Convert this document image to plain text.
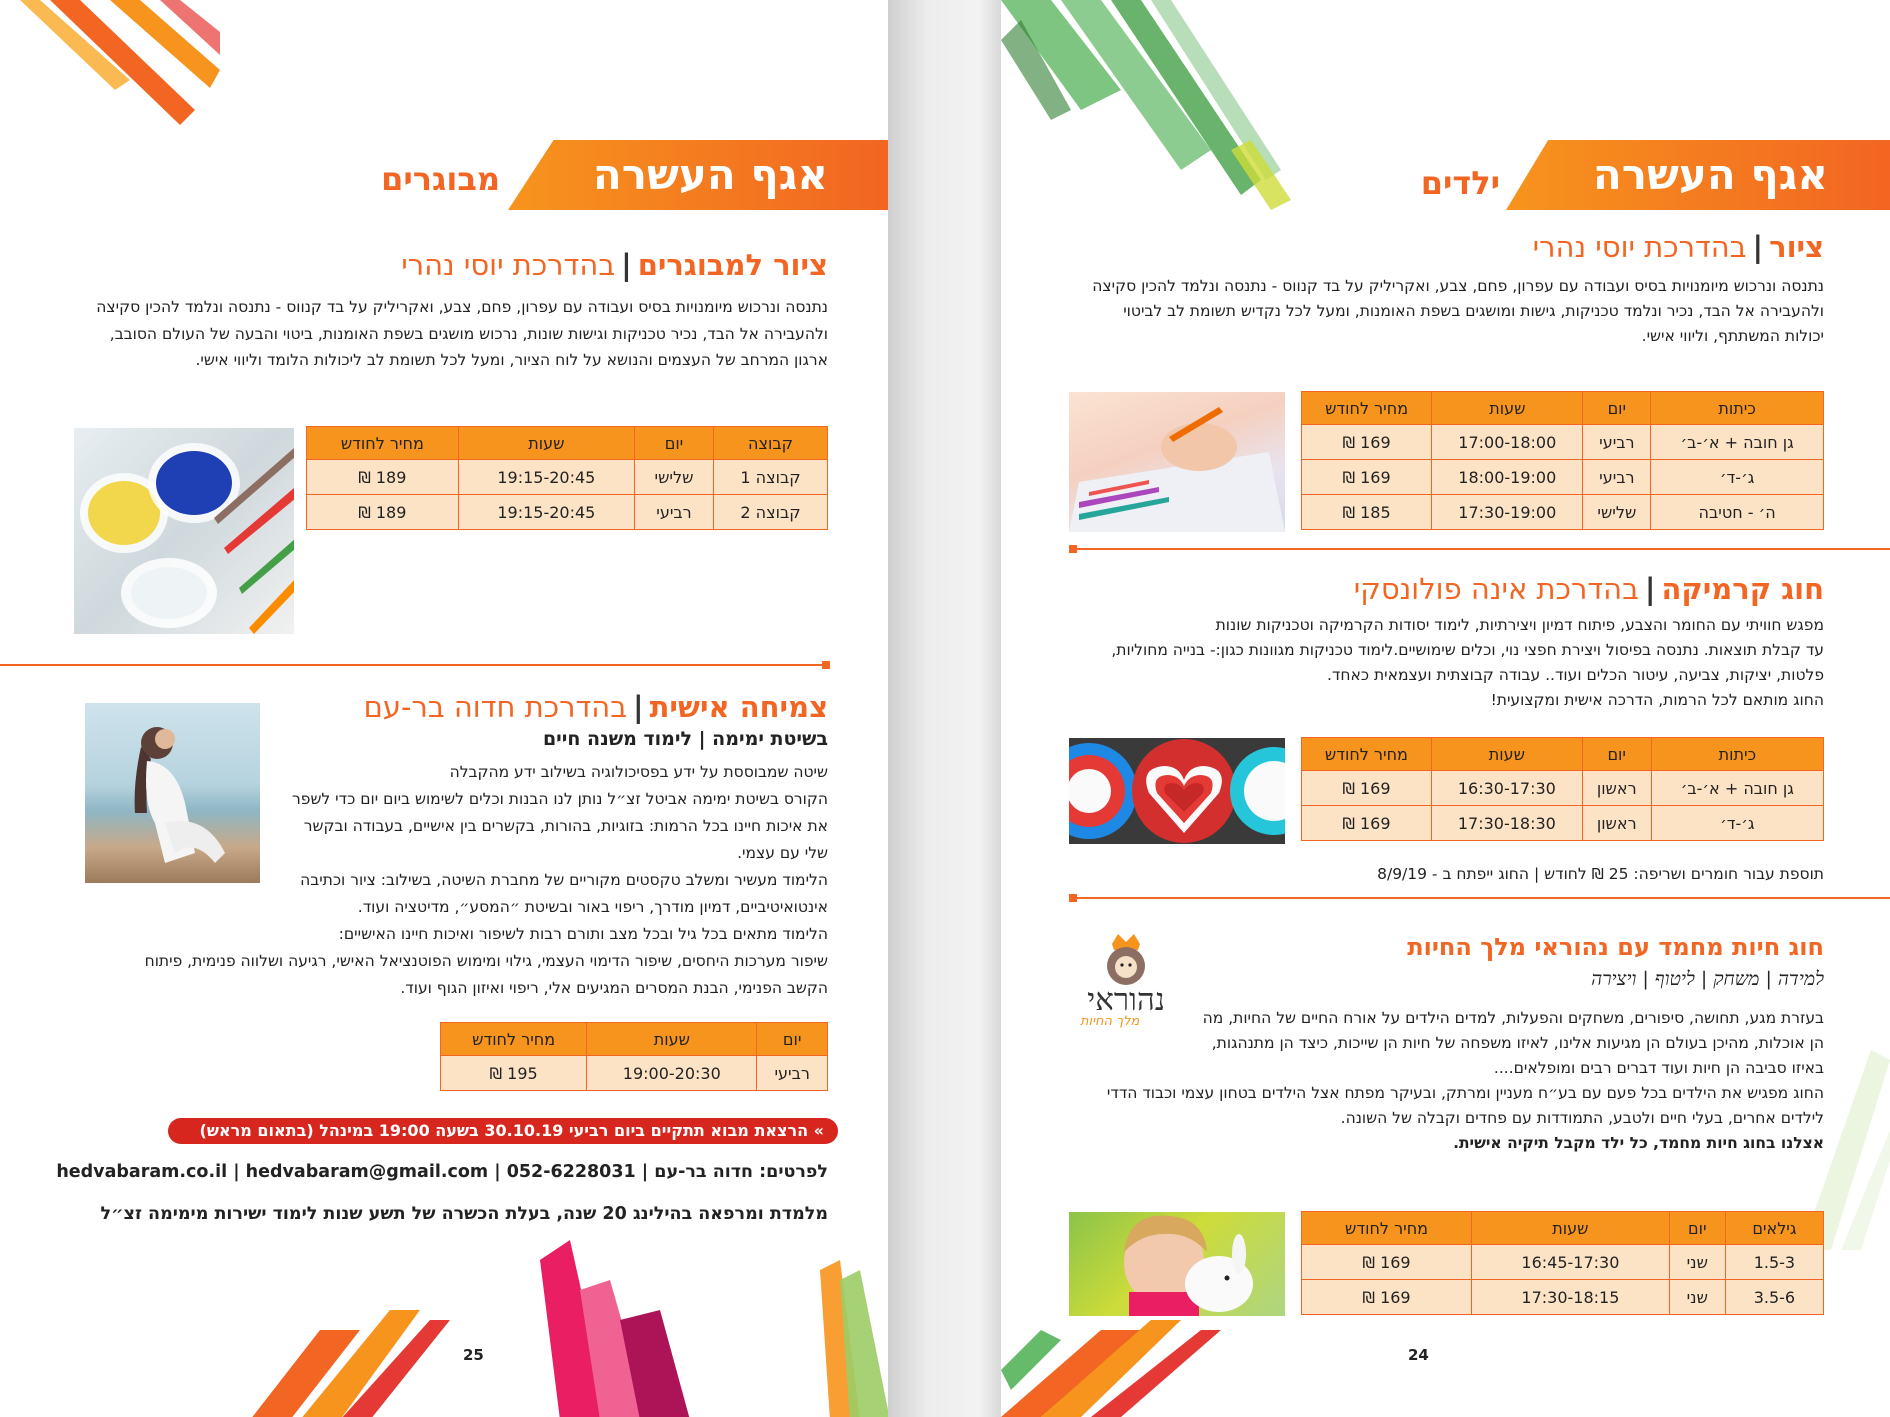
אגף העשרה
מבוגרים
ציור למבוגרים|בהדרכת יוסי נהרי
נתנסה ונרכוש מיומנויות בסיס ועבודה עם עפרון, פחם, צבע, ואקריליק על בד קנווס - נתנסה ונלמד להכין סקיצה
ולהעבירה אל הבד, נכיר טכניקות וגישות שונות, נרכוש מושגים בשפת האומנות, ביטוי והבעה של העולם הסובב,
ארגון המרחב של העצמים והנושא על לוח הציור, ומעל לכל תשומת לב ליכולות הלומד וליווי אישי.
קבוצה	יום	שעות	מחיר לחודש
קבוצה 1	שלישי	19:15-20:45	189 ₪
קבוצה 2	רביעי	19:15-20:45	189 ₪
צמיחה אישית|בהדרכת חדוה בר-עם
בשיטת ימימה | לימוד משנה חיים
שיטה שמבוססת על ידע בפסיכולוגיה בשילוב ידע מהקבלה
הקורס בשיטת ימימה אביטל זצ״ל נותן לנו הבנות וכלים לשימוש ביום יום כדי לשפר
את איכות חיינו בכל הרמות: בזוגיות, בהורות, בקשרים בין אישיים, בעבודה ובקשר
שלי עם עצמי.
הלימוד מעשיר ומשלב טקסטים מקוריים של מחברת השיטה, בשילוב: ציור וכתיבה
אינטואיטיביים, דמיון מודרך, ריפוי באור ובשיטת ״המסע״, מדיטציה ועוד.
הלימוד מתאים בכל גיל ובכל מצב ותורם רבות לשיפור ואיכות חיינו האישיים:
שיפור מערכות היחסים, שיפור הדימוי העצמי, גילוי ומימוש הפוטנציאל האישי, רגיעה ושלווה פנימית, פיתוח
הקשב הפנימי, הבנת המסרים המגיעים אלי, ריפוי ואיזון הגוף ועוד.
יום	שעות	מחיר לחודש
רביעי	19:00-20:30	195 ₪
» הרצאת מבוא תתקיים ביום רביעי 30.10.19 בשעה 19:00 במינהל (בתאום מראש)
לפרטים: חדוה בר-עם | 052-6228031 | hedvabaram.co.il | hedvabaram@gmail.com
מלמדת ומרפאה בהילינג 20 שנה, בעלת הכשרה של תשע שנות לימוד ישירות מימימה זצ״ל
25
אגף העשרה
ילדים
ציור|בהדרכת יוסי נהרי
נתנסה ונרכוש מיומנויות בסיס ועבודה עם עפרון, פחם, צבע, ואקריליק על בד קנווס - נתנסה ונלמד להכין סקיצה
ולהעבירה אל הבד, נכיר ונלמד טכניקות, גישות ומושגים בשפת האומנות, ומעל לכל נקדיש תשומת לב לביטוי
יכולות המשתתף, וליווי אישי.
כיתות	יום	שעות	מחיר לחודש
גן חובה + א׳-ב׳	רביעי	17:00-18:00	169 ₪
ג׳-ד׳	רביעי	18:00-19:00	169 ₪
ה׳ - חטיבה	שלישי	17:30-19:00	185 ₪
חוג קרמיקה|בהדרכת אינה פולונסקי
מפגש חוויתי עם החומר והצבע, פיתוח דמיון ויצירתיות, לימוד יסודות הקרמיקה וטכניקות שונות
עד קבלת תוצאות. נתנסה בפיסול ויצירת חפצי נוי, וכלים שימושיים.לימוד טכניקות מגוונות כגון:- בנייה מחוליות,
פלטות, יציקות, צביעה, עיטור הכלים ועוד.. עבודה קבוצתית ועצמאית כאחד.
החוג מותאם לכל הרמות, הדרכה אישית ומקצועית!
כיתות	יום	שעות	מחיר לחודש
גן חובה + א׳-ב׳	ראשון	16:30-17:30	169 ₪
ג׳-ד׳	ראשון	17:30-18:30	169 ₪
תוספת עבור חומרים ושריפה: 25 ₪ לחודש | החוג ייפתח ב - 8/9/19
נהוראי
מלך החיות
חוג חיות מחמד עם נהוראי מלך החיות
למידה | משחק | ליטוף | ויצירה
בעזרת מגע, תחושה, סיפורים, משחקים והפעלות, למדים הילדים על אורח החיים של החיות, מה
הן אוכלות, מהיכן בעולם הן מגיעות אלינו, לאיזו משפחה של חיות הן שייכות, כיצד הן מתנהגות,
באיזו סביבה הן חיות ועוד דברים רבים ומופלאים....
החוג מפגיש את הילדים בכל פעם עם בע״ח מעניין ומרתק, ובעיקר מפתח אצל הילדים בטחון עצמי וכבוד הדדי
לילדים אחרים, בעלי חיים ולטבע, התמודדות עם פחדים וקבלה של השונה.
אצלנו בחוג חיות מחמד, כל ילד מקבל תיקיה אישית.
גילאים	יום	שעות	מחיר לחודש
1.5-3	שני	16:45-17:30	169 ₪
3.5-6	שני	17:30-18:15	169 ₪
24
